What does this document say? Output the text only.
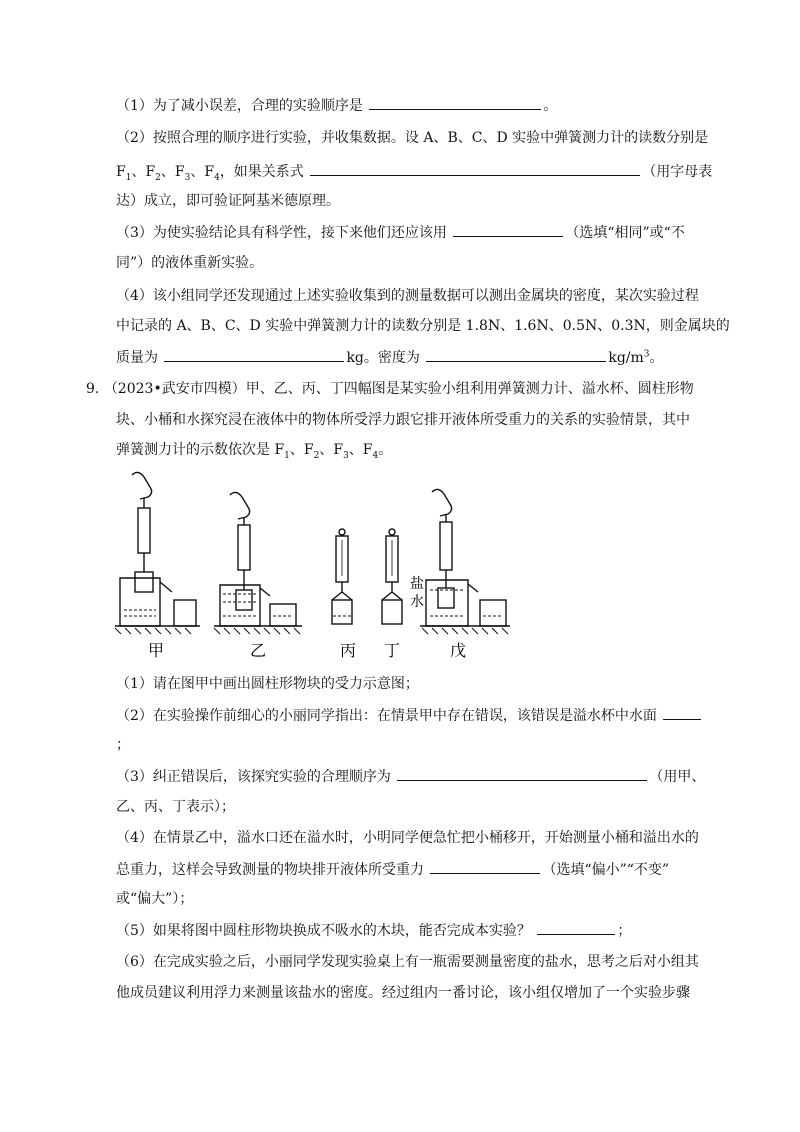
（1）为了减小误差，合理的实验顺序是	。
（2）按照合理的顺序进行实验，并收集数据。设 A、B、C、D 实验中弹簧测力计的读数分别是
$F_1$、$F_2$、$F_3$、$F_4$，如果关系式	（用字母表
达）成立，即可验证阿基米德原理。
（3）为使实验结论具有科学性，接下来他们还应该用	（选填“相同”或“不
同”）的液体重新实验。
（4）该小组同学还发现通过上述实验收集到的测量数据可以测出金属块的密度，某次实验过程
中记录的 A、B、C、D 实验中弹簧测力计的读数分别是 1.8N、1.6N、0.5N、0.3N，则金属块的
质量为	kg。密度为	$kg/m^3$。
9. （2023•武安市四模）甲、乙、丙、丁四幅图是某实验小组利用弹簧测力计、溢水杯、圆柱形物
块、小桶和水探究浸在液体中的物体所受浮力跟它排开液体所受重力的关系的实验情景，其中
弹簧测力计的示数依次是 $F_1$、$F_2$、$F_3$、$F_4$。
盐
水
甲	乙	丙 丁	戊
（1）请在图甲中画出圆柱形物块的受力示意图；
（2）在实验操作前细心的小丽同学指出：在情景甲中存在错误，该错误是溢水杯中水面
；
（3）纠正错误后，该探究实验的合理顺序为	（用甲、
乙、丙、丁表示）；
（4）在情景乙中，溢水口还在溢水时，小明同学便急忙把小桶移开，开始测量小桶和溢出水的
总重力，这样会导致测量的物块排开液体所受重力	（选填“偏小”“不变”
或“偏大”）；
（5）如果将图中圆柱形物块换成不吸水的木块，能否完成本实验？	；
（6）在完成实验之后，小丽同学发现实验桌上有一瓶需要测量密度的盐水，思考之后对小组其
他成员建议利用浮力来测量该盐水的密度。经过组内一番讨论，该小组仅增加了一个实验步骤
